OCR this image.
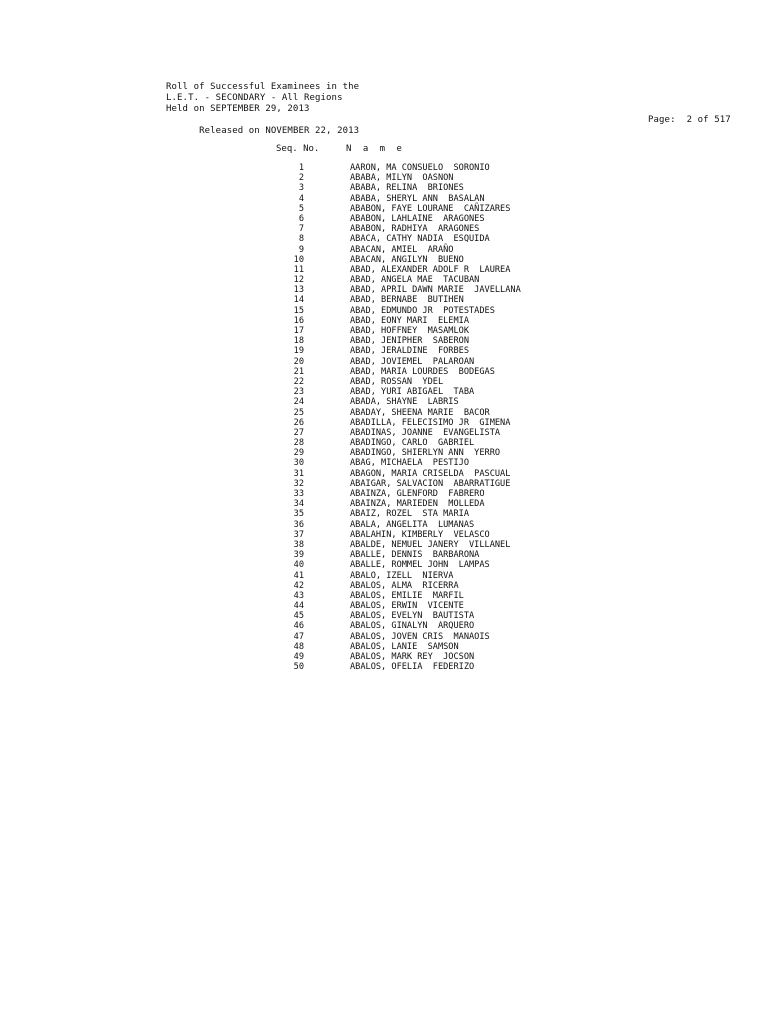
Roll of Successful Examinees in the
L.E.T. - SECONDARY - All Regions
Held on SEPTEMBER 29, 2013

Released on NOVEMBER 22, 2013

Page:  2 of 517

Seq. No.

	N a m e

1	AARON, MA CONSUELO  SORONIO
2	ABABA, MILYN  OASNON
3	ABABA, RELINA  BRIONES
4	ABABA, SHERYL ANN  BASALAN
5	ABABON, FAYE LOURANE  CAÑIZARES
6	ABABON, LAHLAINE  ARAGONES
7	ABABON, RADHIYA  ARAGONES
8	ABACA, CATHY NADIA  ESQUIDA
9	ABACAN, AMIEL  ARAÑO
10	ABACAN, ANGILYN  BUENO
11	ABAD, ALEXANDER ADOLF R  LAUREA
12	ABAD, ANGELA MAE  TACUBAN
13	ABAD, APRIL DAWN MARIE  JAVELLANA
14	ABAD, BERNABE  BUTIHEN
15	ABAD, EDMUNDO JR  POTESTADES
16	ABAD, EONY MARI  ELEMIA
17	ABAD, HOFFNEY  MASAMLOK
18	ABAD, JENIPHER  SABERON
19	ABAD, JERALDINE  FORBES
20	ABAD, JOVIEMEL  PALAROAN
21	ABAD, MARIA LOURDES  BODEGAS
22	ABAD, ROSSAN  YDEL
23	ABAD, YURI ABIGAEL  TABA
24	ABADA, SHAYNE  LABRIS
25	ABADAY, SHEENA MARIE  BACOR
26	ABADILLA, FELECISIMO JR  GIMENA
27	ABADINAS, JOANNE  EVANGELISTA
28	ABADINGO, CARLO  GABRIEL
29	ABADINGO, SHIERLYN ANN  YERRO
30	ABAG, MICHAELA  PESTIJO
31	ABAGON, MARIA CRISELDA  PASCUAL
32	ABAIGAR, SALVACION  ABARRATIGUE
33	ABAINZA, GLENFORD  FABRERO
34	ABAINZA, MARIEDEN  MOLLEDA
35	ABAIZ, ROZEL  STA MARIA
36	ABALA, ANGELITA  LUMANAS
37	ABALAHIN, KIMBERLY  VELASCO
38	ABALDE, NEMUEL JANERY  VILLANEL
39	ABALLE, DENNIS  BARBARONA
40	ABALLE, ROMMEL JOHN  LAMPAS
41	ABALO, IZELL  NIERVA
42	ABALOS, ALMA  RICERRA
43	ABALOS, EMILIE  MARFIL
44	ABALOS, ERWIN  VICENTE
45	ABALOS, EVELYN  BAUTISTA
46	ABALOS, GINALYN  ARQUERO
47	ABALOS, JOVEN CRIS  MANAOIS
48	ABALOS, LANIE  SAMSON
49	ABALOS, MARK REY  JOCSON
50	ABALOS, OFELIA  FEDERIZO
